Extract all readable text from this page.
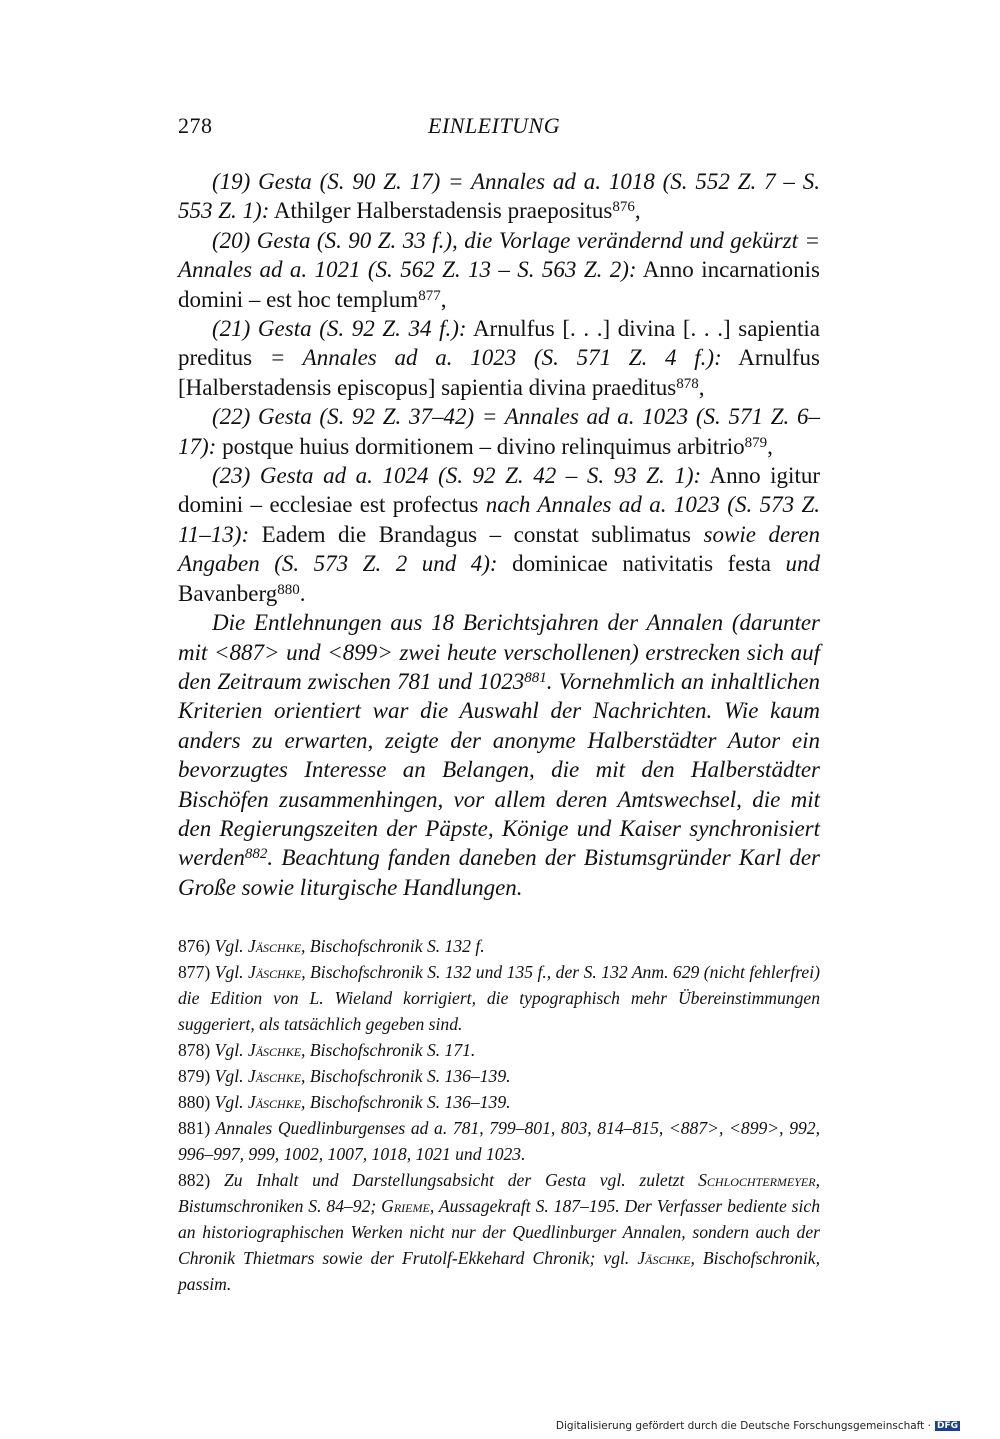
278	EINLEITUNG

(19) Gesta (S. 90 Z. 17) = Annales ad a. 1018 (S. 552 Z. 7 – S. 553 Z. 1): Athilger Halberstadensis praepositus$^{876}$,

(20) Gesta (S. 90 Z. 33 f.), die Vorlage verändernd und gekürzt = Annales ad a. 1021 (S. 562 Z. 13 – S. 563 Z. 2): Anno incarnationis domini – est hoc templum$^{877}$,

(21) Gesta (S. 92 Z. 34 f.): Arnulfus [. . .] divina [. . .] sapientia preditus = Annales ad a. 1023 (S. 571 Z. 4 f.): Arnulfus [Halberstadensis episcopus] sapientia divina praeditus$^{878}$,

(22) Gesta (S. 92 Z. 37–42) = Annales ad a. 1023 (S. 571 Z. 6–17): postque huius dormitionem – divino relinquimus arbitrio$^{879}$,

(23) Gesta ad a. 1024 (S. 92 Z. 42 – S. 93 Z. 1): Anno igitur domini – ecclesiae est profectus nach Annales ad a. 1023 (S. 573 Z. 11–13): Eadem die Brandagus – constat sublimatus sowie deren Angaben (S. 573 Z. 2 und 4): dominicae nativitatis festa und Bavanberg$^{880}$.

Die Entlehnungen aus 18 Berichtsjahren der Annalen (darunter mit <887> und <899> zwei heute verschollenen) erstrecken sich auf den Zeitraum zwischen 781 und 1023$^{881}$. Vornehmlich an inhaltlichen Kriterien orientiert war die Auswahl der Nachrichten. Wie kaum anders zu erwarten, zeigte der anonyme Halberstädter Autor ein bevorzugtes Interesse an Belangen, die mit den Halberstädter Bischöfen zusammenhingen, vor allem deren Amtswechsel, die mit den Regierungszeiten der Päpste, Könige und Kaiser synchronisiert werden$^{882}$. Beachtung fanden daneben der Bistumsgründer Karl der Große sowie liturgische Handlungen.

876) Vgl. Jäschke, Bischofschronik S. 132 f.

877) Vgl. Jäschke, Bischofschronik S. 132 und 135 f., der S. 132 Anm. 629 (nicht fehlerfrei) die Edition von L. Wieland korrigiert, die typographisch mehr Übereinstimmungen suggeriert, als tatsächlich gegeben sind.

878) Vgl. Jäschke, Bischofschronik S. 171.

879) Vgl. Jäschke, Bischofschronik S. 136–139.

880) Vgl. Jäschke, Bischofschronik S. 136–139.

881) Annales Quedlinburgenses ad a. 781, 799–801, 803, 814–815, <887>, <899>, 992, 996–997, 999, 1002, 1007, 1018, 1021 und 1023.

882) Zu Inhalt und Darstellungsabsicht der Gesta vgl. zuletzt Schlochtermeyer, Bistumschroniken S. 84–92; Grieme, Aussagekraft S. 187–195. Der Verfasser bediente sich an historiographischen Werken nicht nur der Quedlinburger Annalen, sondern auch der Chronik Thietmars sowie der Frutolf-Ekkehard Chronik; vgl. Jäschke, Bischofschronik, passim.

Digitalisierung gefördert durch die Deutsche Forschungsgemeinschaft · DFG
